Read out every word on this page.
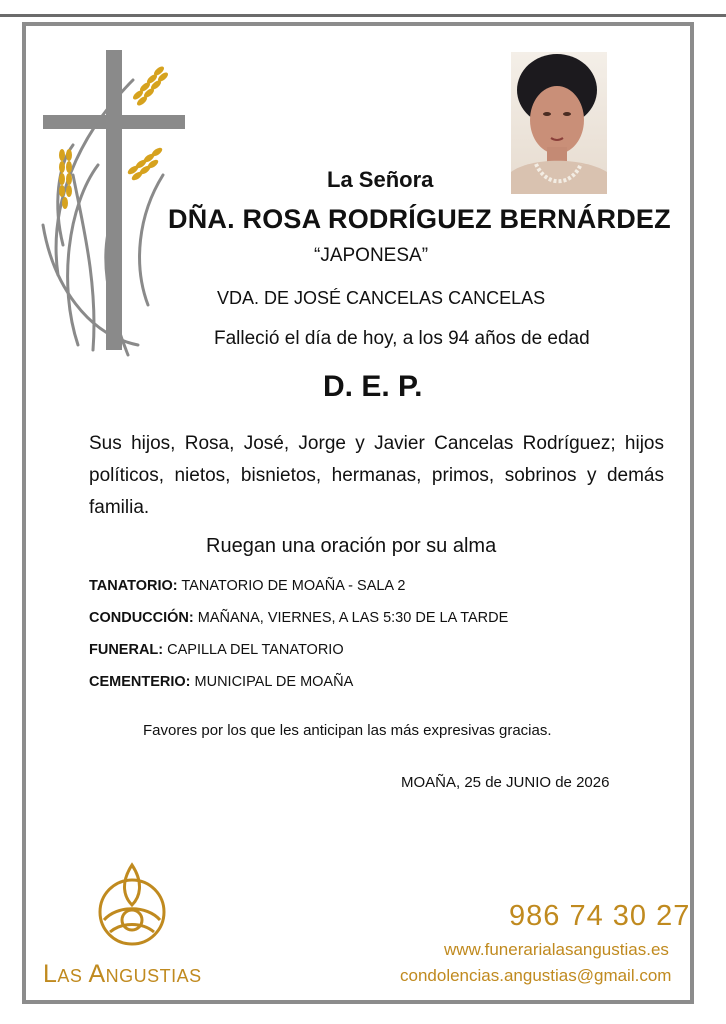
La Señora
DÑA. ROSA RODRÍGUEZ BERNÁRDEZ
“JAPONESA”
VDA. DE JOSÉ CANCELAS CANCELAS
Falleció el día de hoy, a los 94 años de edad
D. E. P.
Sus hijos, Rosa, José, Jorge y Javier Cancelas Rodríguez; hijos políticos, nietos, bisnietos, hermanas, primos, sobrinos y demás familia.
Ruegan una oración por su alma
TANATORIO: TANATORIO DE MOAÑA - SALA 2
CONDUCCIÓN: MAÑANA, VIERNES, A LAS 5:30 DE LA TARDE
FUNERAL: CAPILLA DEL TANATORIO
CEMENTERIO: MUNICIPAL DE MOAÑA
Favores por los que les anticipan las más expresivas gracias.
MOAÑA, 25 de JUNIO de 2026
Las Angustias
986 74 30 27
www.funerarialasangustias.es
condolencias.angustias@gmail.com
